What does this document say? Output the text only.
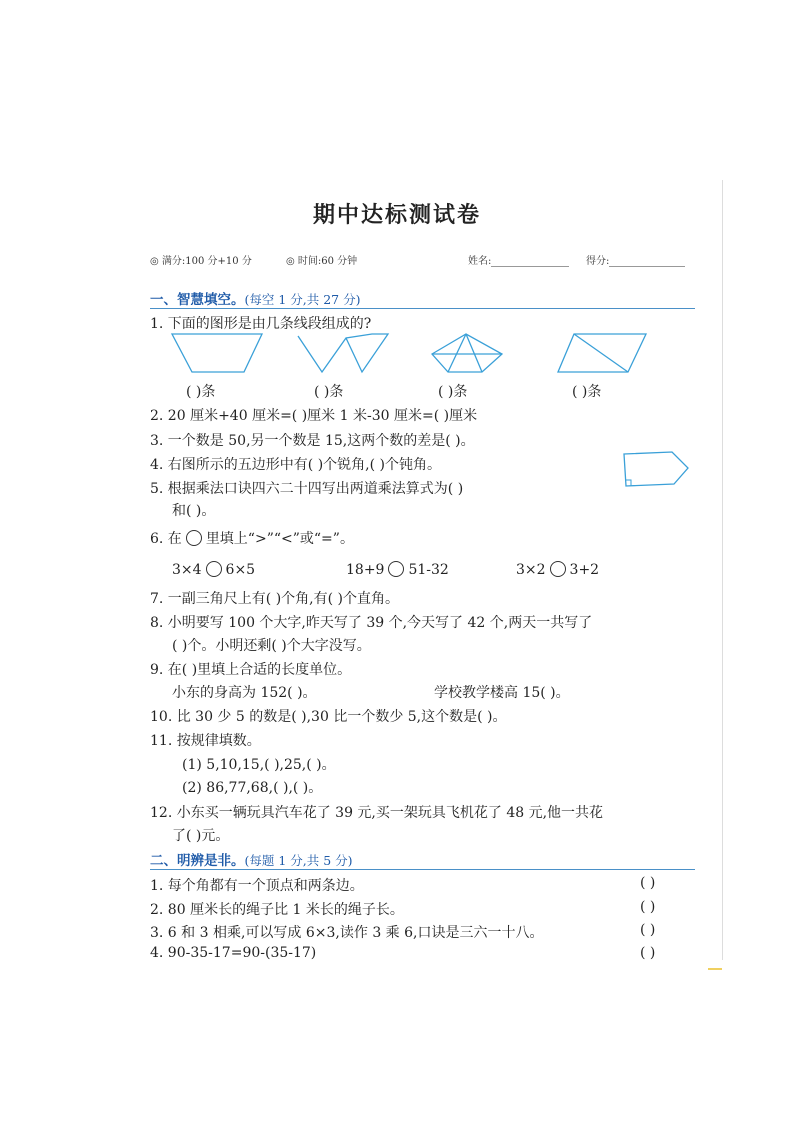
期中达标测试卷
◎ 满分:100 分+10 分	◎ 时间:60 分钟	姓名:	得分:
一、智慧填空。(每空 1 分,共 27 分)
1. 下面的图形是由几条线段组成的?
( )条	( )条	( )条	( )条
2. 20 厘米+40 厘米=( )厘米 1 米-30 厘米=( )厘米
3. 一个数是 50,另一个数是 15,这两个数的差是( )。
4. 右图所示的五边形中有( )个锐角,( )个钝角。
5. 根据乘法口诀四六二十四写出两道乘法算式为( )
和( )。
6. 在 里填上“>”“<”或“=”。
3×4 6×5	18+9 51-32	3×2 3+2
7. 一副三角尺上有( )个角,有( )个直角。
8. 小明要写 100 个大字,昨天写了 39 个,今天写了 42 个,两天一共写了
( )个。小明还剩( )个大字没写。
9. 在( )里填上合适的长度单位。
小东的身高为 152( )。	学校教学楼高 15( )。
10. 比 30 少 5 的数是( ),30 比一个数少 5,这个数是( )。
11. 按规律填数。
(1) 5,10,15,( ),25,( )。
(2) 86,77,68,( ),( )。
12. 小东买一辆玩具汽车花了 39 元,买一架玩具飞机花了 48 元,他一共花
了( )元。
二、明辨是非。(每题 1 分,共 5 分)
1. 每个角都有一个顶点和两条边。	( )
2. 80 厘米长的绳子比 1 米长的绳子长。	( )
3. 6 和 3 相乘,可以写成 6×3,读作 3 乘 6,口诀是三六一十八。	( )
4. 90-35-17=90-(35-17)	( )
